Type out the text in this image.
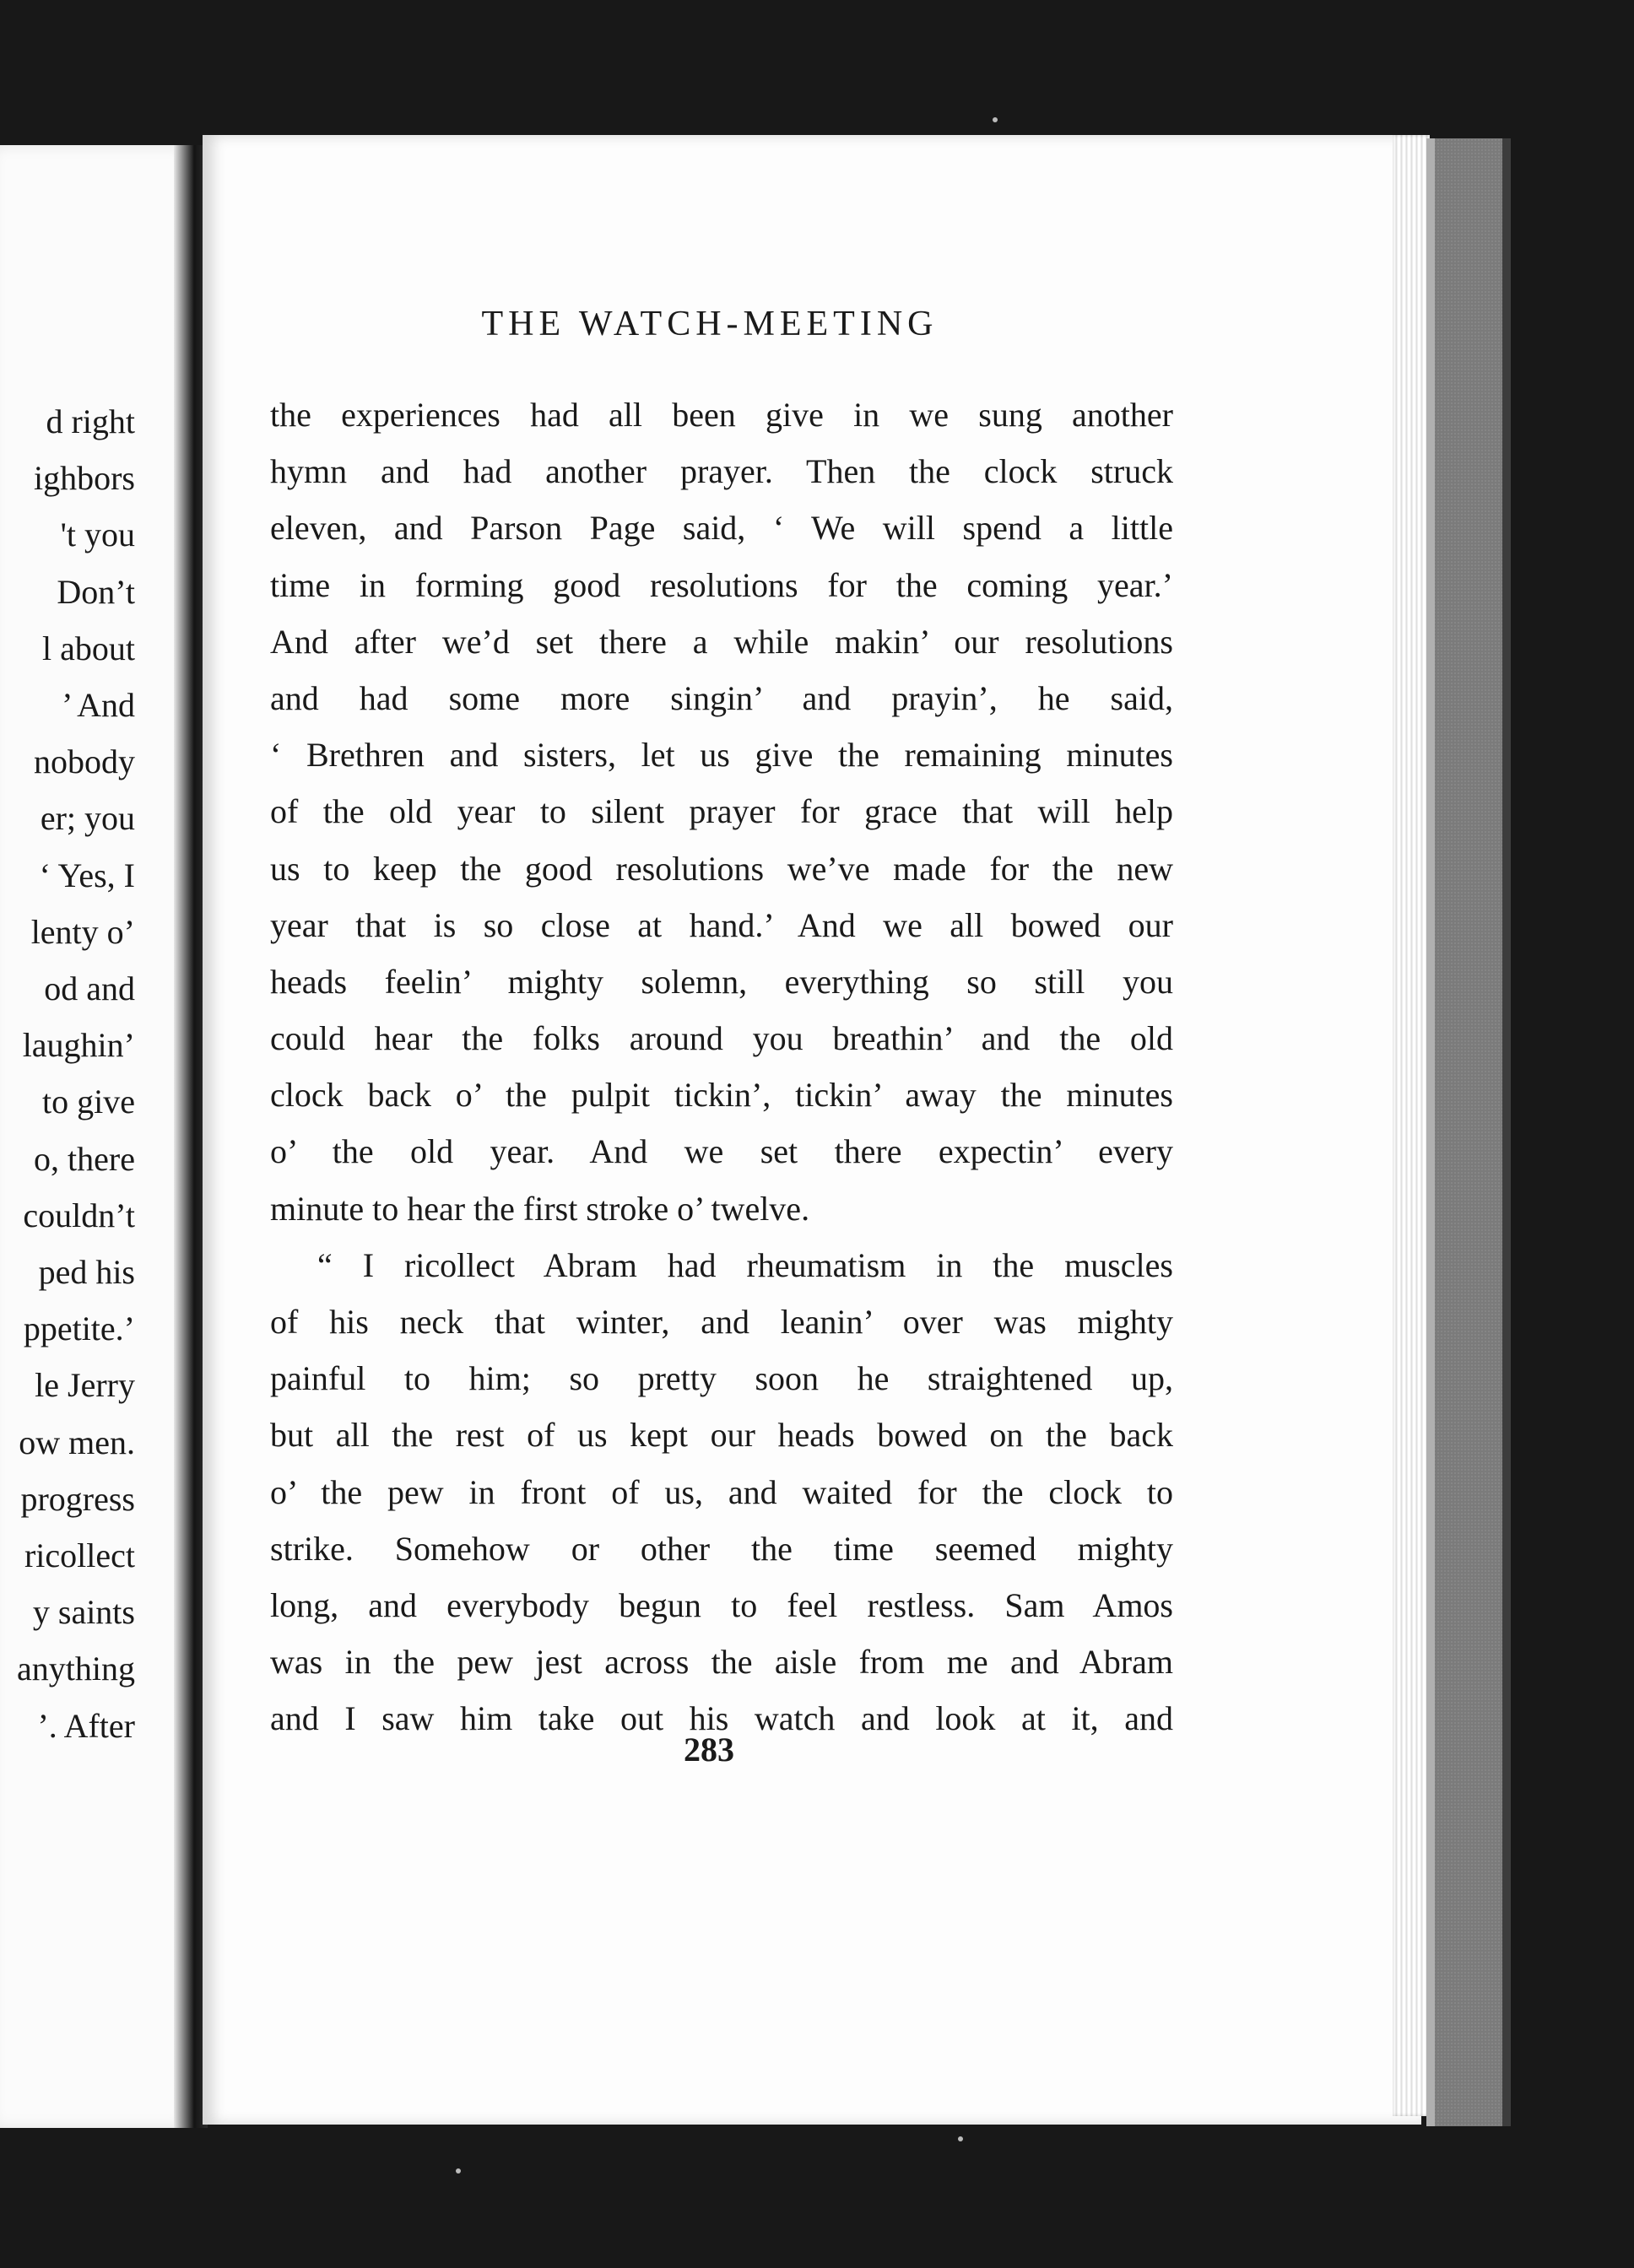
d right
ighbors
't you
Don’t
l about
’ And
nobody
er; you
‘ Yes, I
lenty o’
od and
laughin’
to give
o, there
couldn’t
ped his
ppetite.’
le Jerry
ow men.
progress
ricollect
y saints
anything
’. After
THE WATCH-MEETING
the experiences had all been give in we sung another
hymn and had another prayer. Then the clock struck
eleven, and Parson Page said, ‘ We will spend a little
time in forming good resolutions for the coming year.’
And after we’d set there a while makin’ our resolutions
and had some more singin’ and prayin’, he said,
‘ Brethren and sisters, let us give the remaining minutes
of the old year to silent prayer for grace that will help
us to keep the good resolutions we’ve made for the new
year that is so close at hand.’ And we all bowed our
heads feelin’ mighty solemn, everything so still you
could hear the folks around you breathin’ and the old
clock back o’ the pulpit tickin’, tickin’ away the minutes
o’ the old year. And we set there expectin’ every
minute to hear the first stroke o’ twelve.
“ I ricollect Abram had rheumatism in the muscles
of his neck that winter, and leanin’ over was mighty
painful to him; so pretty soon he straightened up,
but all the rest of us kept our heads bowed on the back
o’ the pew in front of us, and waited for the clock to
strike. Somehow or other the time seemed mighty
long, and everybody begun to feel restless. Sam Amos
was in the pew jest across the aisle from me and Abram
and I saw him take out his watch and look at it, and
283
